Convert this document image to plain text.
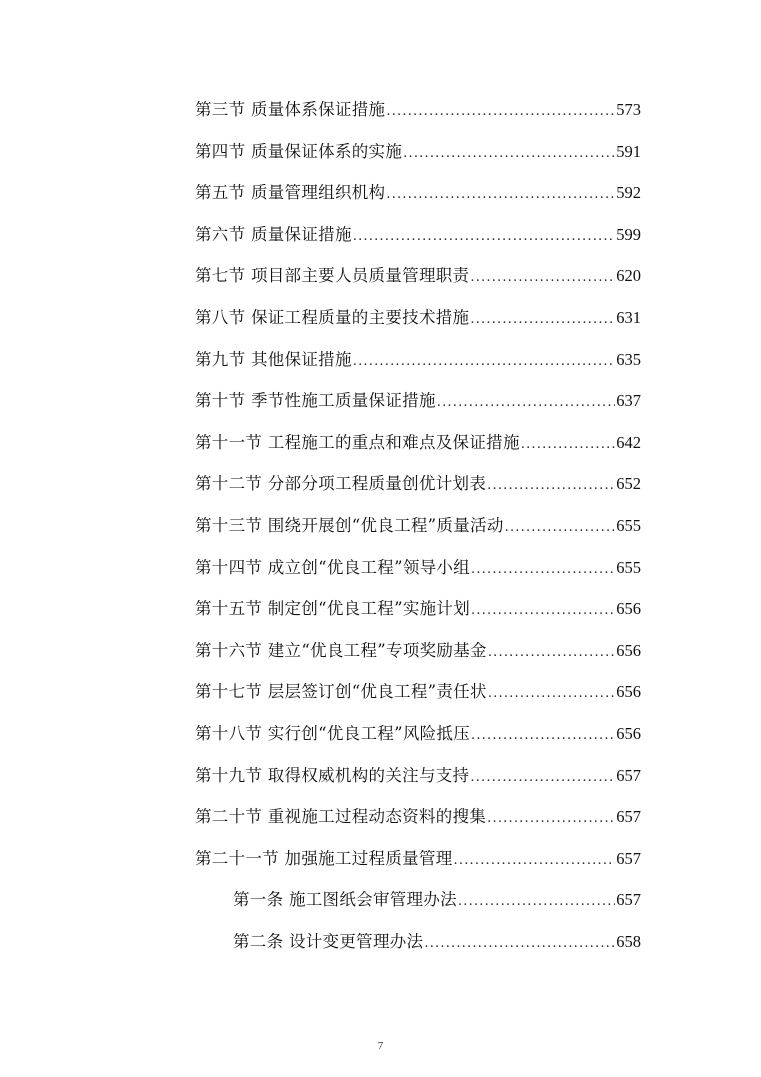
第三节 质量体系保证措施 .....	573
第四节 质量保证体系的实施 .....	591
第五节 质量管理组织机构 .....	592
第六节 质量保证措施 .....	599
第七节 项目部主要人员质量管理职责 .....	620
第八节 保证工程质量的主要技术措施 .....	631
第九节 其他保证措施 .....	635
第十节 季节性施工质量保证措施 .....	637
第十一节 工程施工的重点和难点及保证措施 .....	642
第十二节 分部分项工程质量创优计划表 .....	652
第十三节 围绕开展创“优良工程”质量活动 .....	655
第十四节 成立创“优良工程”领导小组 .....	655
第十五节 制定创“优良工程”实施计划 .....	656
第十六节 建立“优良工程”专项奖励基金 .....	656
第十七节 层层签订创“优良工程”责任状 .....	656
第十八节 实行创“优良工程”风险抵压 .....	656
第十九节 取得权威机构的关注与支持 .....	657
第二十节 重视施工过程动态资料的搜集 .....	657
第二十一节 加强施工过程质量管理 .....	657
第一条 施工图纸会审管理办法 .....	657
第二条 设计变更管理办法 .....	658
7
